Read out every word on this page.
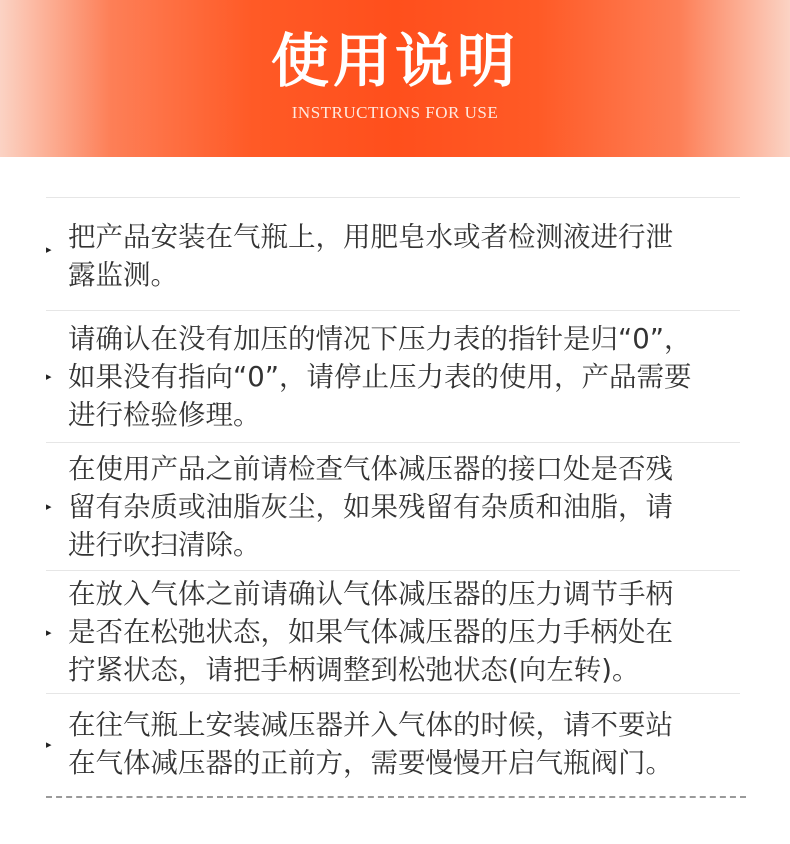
使用说明
INSTRUCTIONS FOR USE
▸ 把产品安装在气瓶上，用肥皂水或者检测液进行泄
露监测。
▸
请确认在没有加压的情况下压力表的指针是归“0”，
如果没有指向“0”，请停止压力表的使用，产品需要
进行检验修理。
▸
在使用产品之前请检查气体减压器的接口处是否残
留有杂质或油脂灰尘，如果残留有杂质和油脂，请
进行吹扫清除。
▸
在放入气体之前请确认气体减压器的压力调节手柄
是否在松弛状态，如果气体减压器的压力手柄处在
拧紧状态，请把手柄调整到松弛状态(向左转)。
▸
在往气瓶上安装减压器并入气体的时候，请不要站
在气体减压器的正前方，需要慢慢开启气瓶阀门。
